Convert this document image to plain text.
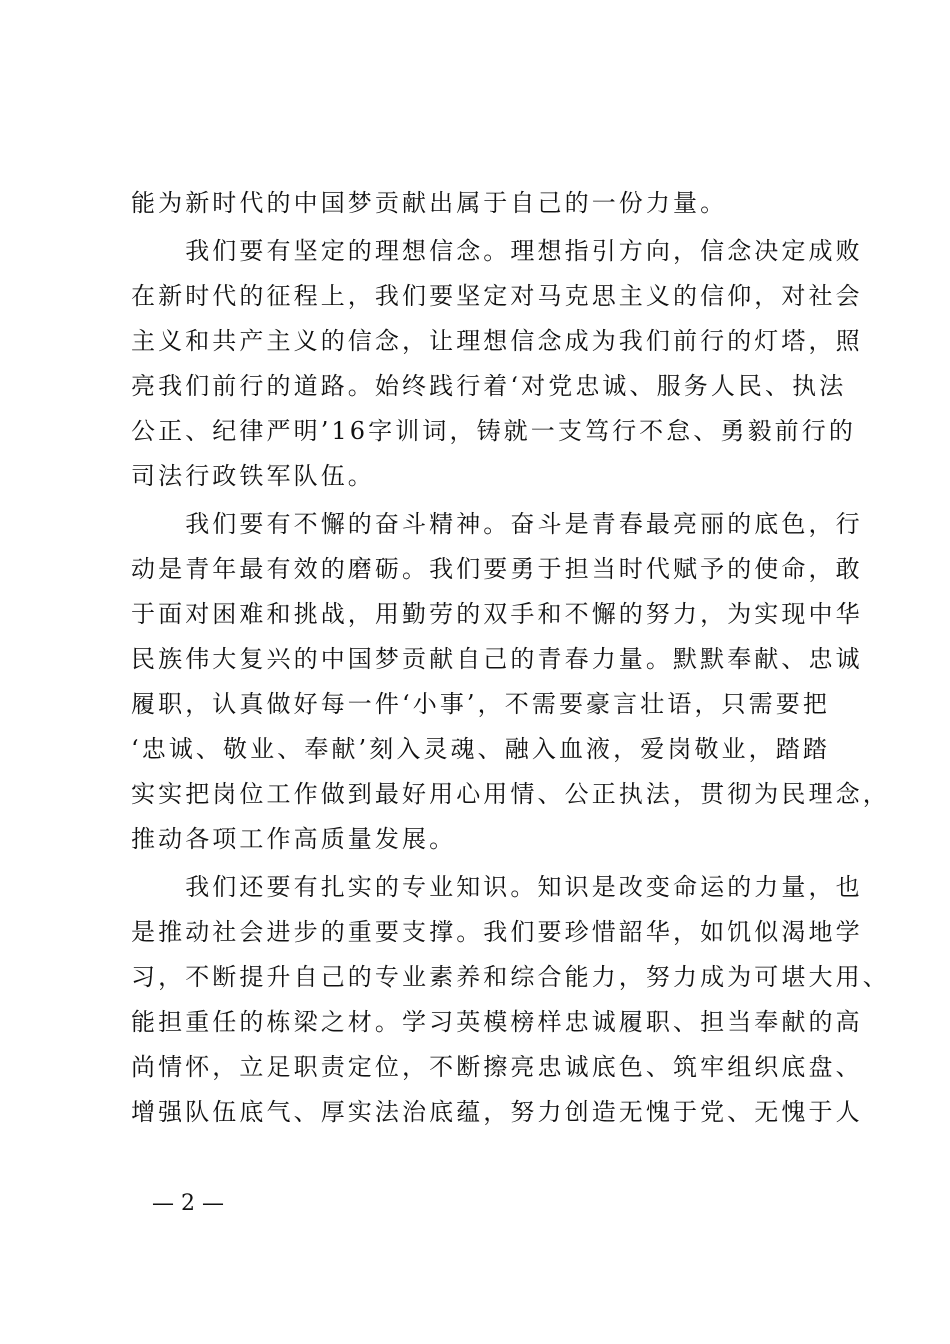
能为新时代的中国梦贡献出属于自己的一份力量。
　　我们要有坚定的理想信念。理想指引方向，信念决定成败
在新时代的征程上，我们要坚定对马克思主义的信仰，对社会
主义和共产主义的信念，让理想信念成为我们前行的灯塔，照
亮我们前行的道路。始终践行着‘对党忠诚、服务人民、执法
公正、纪律严明’16字训词，铸就一支笃行不怠、勇毅前行的
司法行政铁军队伍。
　　我们要有不懈的奋斗精神。奋斗是青春最亮丽的底色，行
动是青年最有效的磨砺。我们要勇于担当时代赋予的使命，敢
于面对困难和挑战，用勤劳的双手和不懈的努力，为实现中华
民族伟大复兴的中国梦贡献自己的青春力量。默默奉献、忠诚
履职，认真做好每一件‘小事’，不需要豪言壮语，只需要把
‘忠诚、敬业、奉献’刻入灵魂、融入血液，爱岗敬业，踏踏
实实把岗位工作做到最好用心用情、公正执法，贯彻为民理念，
推动各项工作高质量发展。
　　我们还要有扎实的专业知识。知识是改变命运的力量，也
是推动社会进步的重要支撑。我们要珍惜韶华，如饥似渴地学
习，不断提升自己的专业素养和综合能力，努力成为可堪大用、
能担重任的栋梁之材。学习英模榜样忠诚履职、担当奉献的高
尚情怀，立足职责定位，不断擦亮忠诚底色、筑牢组织底盘、
增强队伍底气、厚实法治底蕴，努力创造无愧于党、无愧于人
— 2 —
